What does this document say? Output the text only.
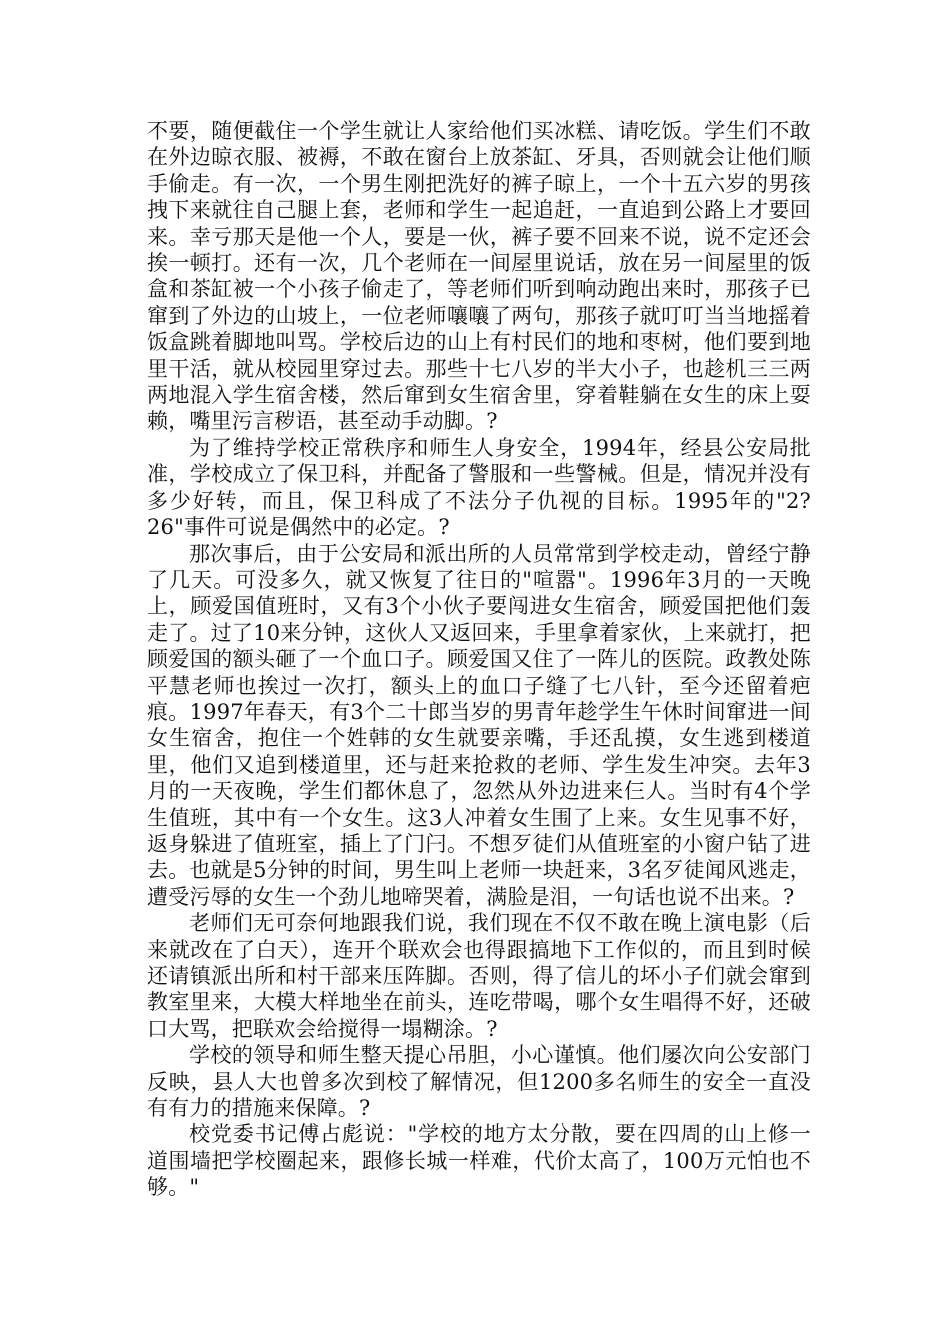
不要，随便截住一个学生就让人家给他们买冰糕、请吃饭。学生们不敢在外边晾衣服、被褥，不敢在窗台上放茶缸、牙具，否则就会让他们顺手偷走。有一次，一个男生刚把洗好的裤子晾上，一个十五六岁的男孩拽下来就往自己腿上套，老师和学生一起追赶，一直追到公路上才要回来。幸亏那天是他一个人，要是一伙，裤子要不回来不说，说不定还会挨一顿打。还有一次，几个老师在一间屋里说话，放在另一间屋里的饭盒和茶缸被一个小孩子偷走了，等老师们听到响动跑出来时，那孩子已窜到了外边的山坡上，一位老师嚷嚷了两句，那孩子就叮叮当当地摇着饭盒跳着脚地叫骂。学校后边的山上有村民们的地和枣树，他们要到地里干活，就从校园里穿过去。那些十七八岁的半大小子，也趁机三三两两地混入学生宿舍楼，然后窜到女生宿舍里，穿着鞋躺在女生的床上耍赖，嘴里污言秽语，甚至动手动脚。?

为了维持学校正常秩序和师生人身安全，1994年，经县公安局批准，学校成立了保卫科，并配备了警服和一些警械。但是，情况并没有多少好转，而且，保卫科成了不法分子仇视的目标。1995年的"2?26"事件可说是偶然中的必定。?

那次事后，由于公安局和派出所的人员常常到学校走动，曾经宁静了几天。可没多久，就又恢复了往日的"喧嚣"。1996年3月的一天晚上，顾爱国值班时，又有3个小伙子要闯进女生宿舍，顾爱国把他们轰走了。过了10来分钟，这伙人又返回来，手里拿着家伙，上来就打，把顾爱国的额头砸了一个血口子。顾爱国又住了一阵儿的医院。政教处陈平慧老师也挨过一次打，额头上的血口子缝了七八针，至今还留着疤痕。1997年春天，有3个二十郎当岁的男青年趁学生午休时间窜进一间女生宿舍，抱住一个姓韩的女生就要亲嘴，手还乱摸，女生逃到楼道里，他们又追到楼道里，还与赶来抢救的老师、学生发生冲突。去年3月的一天夜晚，学生们都休息了，忽然从外边进来仨人。当时有4个学生值班，其中有一个女生。这3人冲着女生围了上来。女生见事不好，返身躲进了值班室，插上了门闩。不想歹徒们从值班室的小窗户钻了进去。也就是5分钟的时间，男生叫上老师一块赶来，3名歹徒闻风逃走，遭受污辱的女生一个劲儿地啼哭着，满脸是泪，一句话也说不出来。?

老师们无可奈何地跟我们说，我们现在不仅不敢在晚上演电影（后来就改在了白天），连开个联欢会也得跟搞地下工作似的，而且到时候还请镇派出所和村干部来压阵脚。否则，得了信儿的坏小子们就会窜到教室里来，大模大样地坐在前头，连吃带喝，哪个女生唱得不好，还破口大骂，把联欢会给搅得一塌糊涂。?

学校的领导和师生整天提心吊胆，小心谨慎。他们屡次向公安部门反映，县人大也曾多次到校了解情况，但1200多名师生的安全一直没有有力的措施来保障。?

校党委书记傅占彪说："学校的地方太分散，要在四周的山上修一道围墙把学校圈起来，跟修长城一样难，代价太高了，100万元怕也不够。"
